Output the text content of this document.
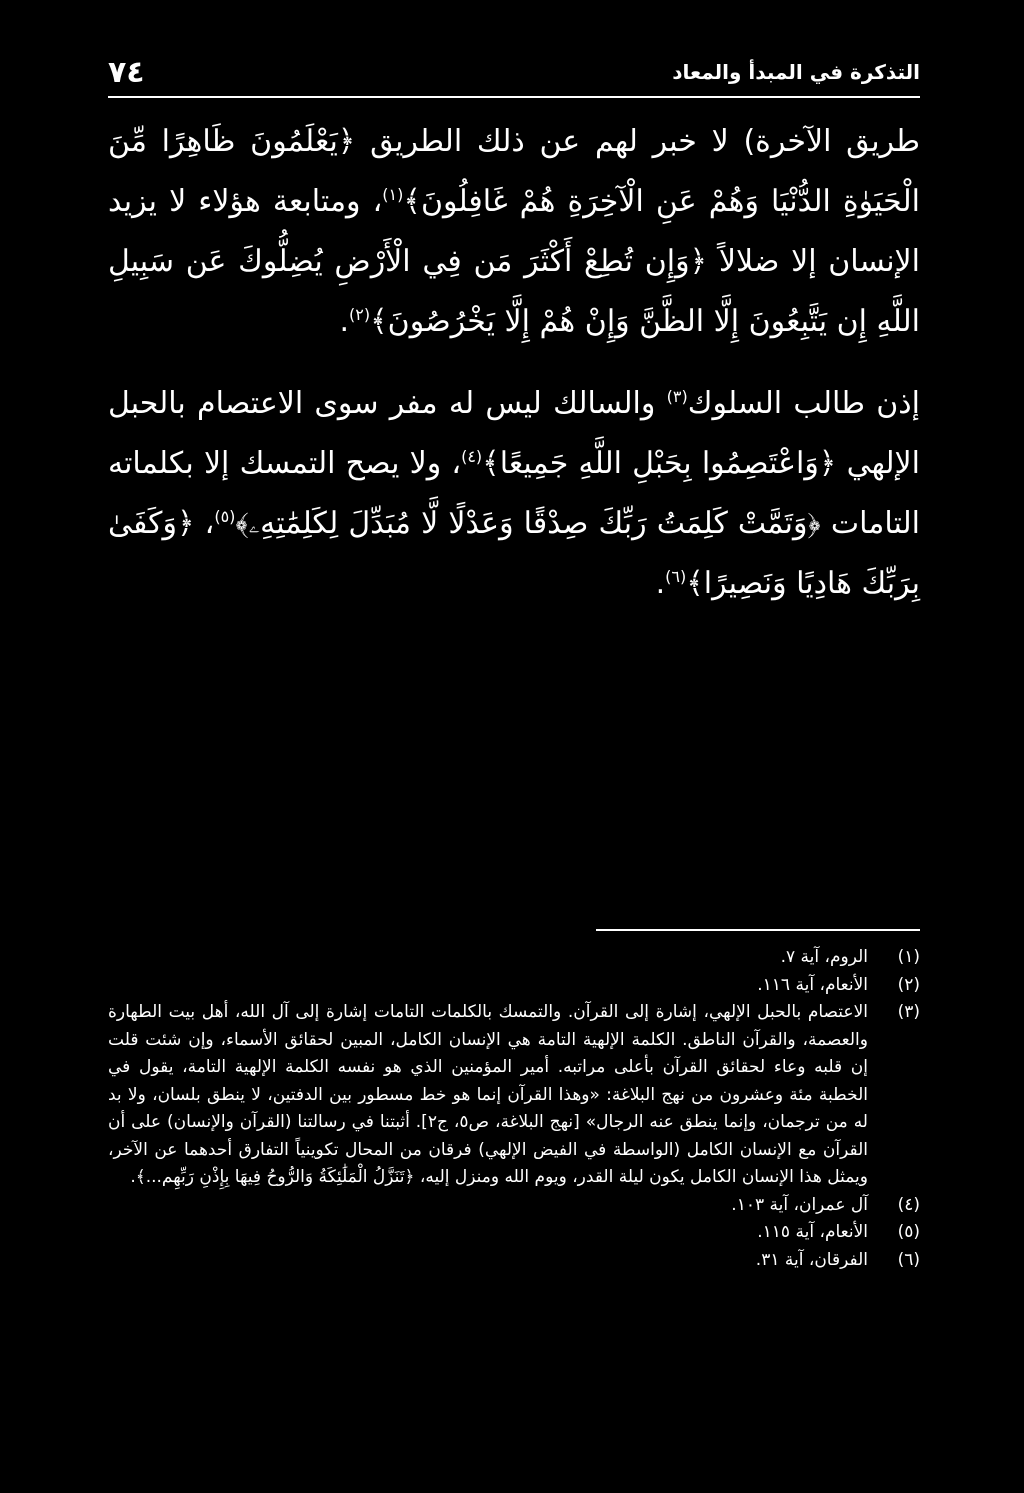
٧٤	التذكرة في المبدأ والمعاد

طريق الآخرة) لا خبر لهم عن ذلك الطريق ﴿يَعْلَمُونَ ظَاهِرًا مِّنَ الْحَيَوٰةِ الدُّنْيَا وَهُمْ عَنِ الْآخِرَةِ هُمْ غَافِلُونَ﴾$^{(١)}$، ومتابعة هؤلاء لا يزيد الإنسان إلا ضلالاً ﴿وَإِن تُطِعْ أَكْثَرَ مَن فِي الْأَرْضِ يُضِلُّوكَ عَن سَبِيلِ اللَّهِ إِن يَتَّبِعُونَ إِلَّا الظَّنَّ وَإِنْ هُمْ إِلَّا يَخْرُصُونَ﴾$^{(٢)}$.

إذن طالب السلوك$^{(٣)}$ والسالك ليس له مفر سوى الاعتصام بالحبل الإلهي ﴿وَاعْتَصِمُوا بِحَبْلِ اللَّهِ جَمِيعًا﴾$^{(٤)}$، ولا يصح التمسك إلا بكلماته التامات ﴿وَتَمَّتْ كَلِمَتُ رَبِّكَ صِدْقًا وَعَدْلًا لَّا مُبَدِّلَ لِكَلِمَٰتِهِۦ﴾$^{(٥)}$، ﴿وَكَفَىٰ بِرَبِّكَ هَادِيًا وَنَصِيرًا﴾$^{(٦)}$.

(١)
الروم، آية ٧.
(٢)
الأنعام، آية ١١٦.
(٣)
الاعتصام بالحبل الإلهي، إشارة إلى القرآن. والتمسك بالكلمات التامات إشارة إلى آل الله، أهل بيت الطهارة والعصمة، والقرآن الناطق. الكلمة الإلهية التامة هي الإنسان الكامل، المبين لحقائق الأسماء، وإن شئت قلت إن قلبه وعاء لحقائق القرآن بأعلى مراتبه. أمير المؤمنين الذي هو نفسه الكلمة الإلهية التامة، يقول في الخطبة مئة وعشرون من نهج البلاغة: «وهذا القرآن إنما هو خط مسطور بين الدفتين، لا ينطق بلسان، ولا بد له من ترجمان، وإنما ينطق عنه الرجال» [نهج البلاغة، ص٥، ج٢]. أثبتنا في رسالتنا (القرآن والإنسان) على أن القرآن مع الإنسان الكامل (الواسطة في الفيض الإلهي) فرقان من المحال تكوينياً التفارق أحدهما عن الآخر، ويمثل هذا الإنسان الكامل يكون ليلة القدر، ويوم الله ومنزل إليه، ﴿تَنَزَّلُ الْمَلَٰئِكَةُ وَالرُّوحُ فِيهَا بِإِذْنِ رَبِّهِم...﴾.
(٤)
آل عمران، آية ١٠٣.
(٥)
الأنعام، آية ١١٥.
(٦)
الفرقان، آية ٣١.
